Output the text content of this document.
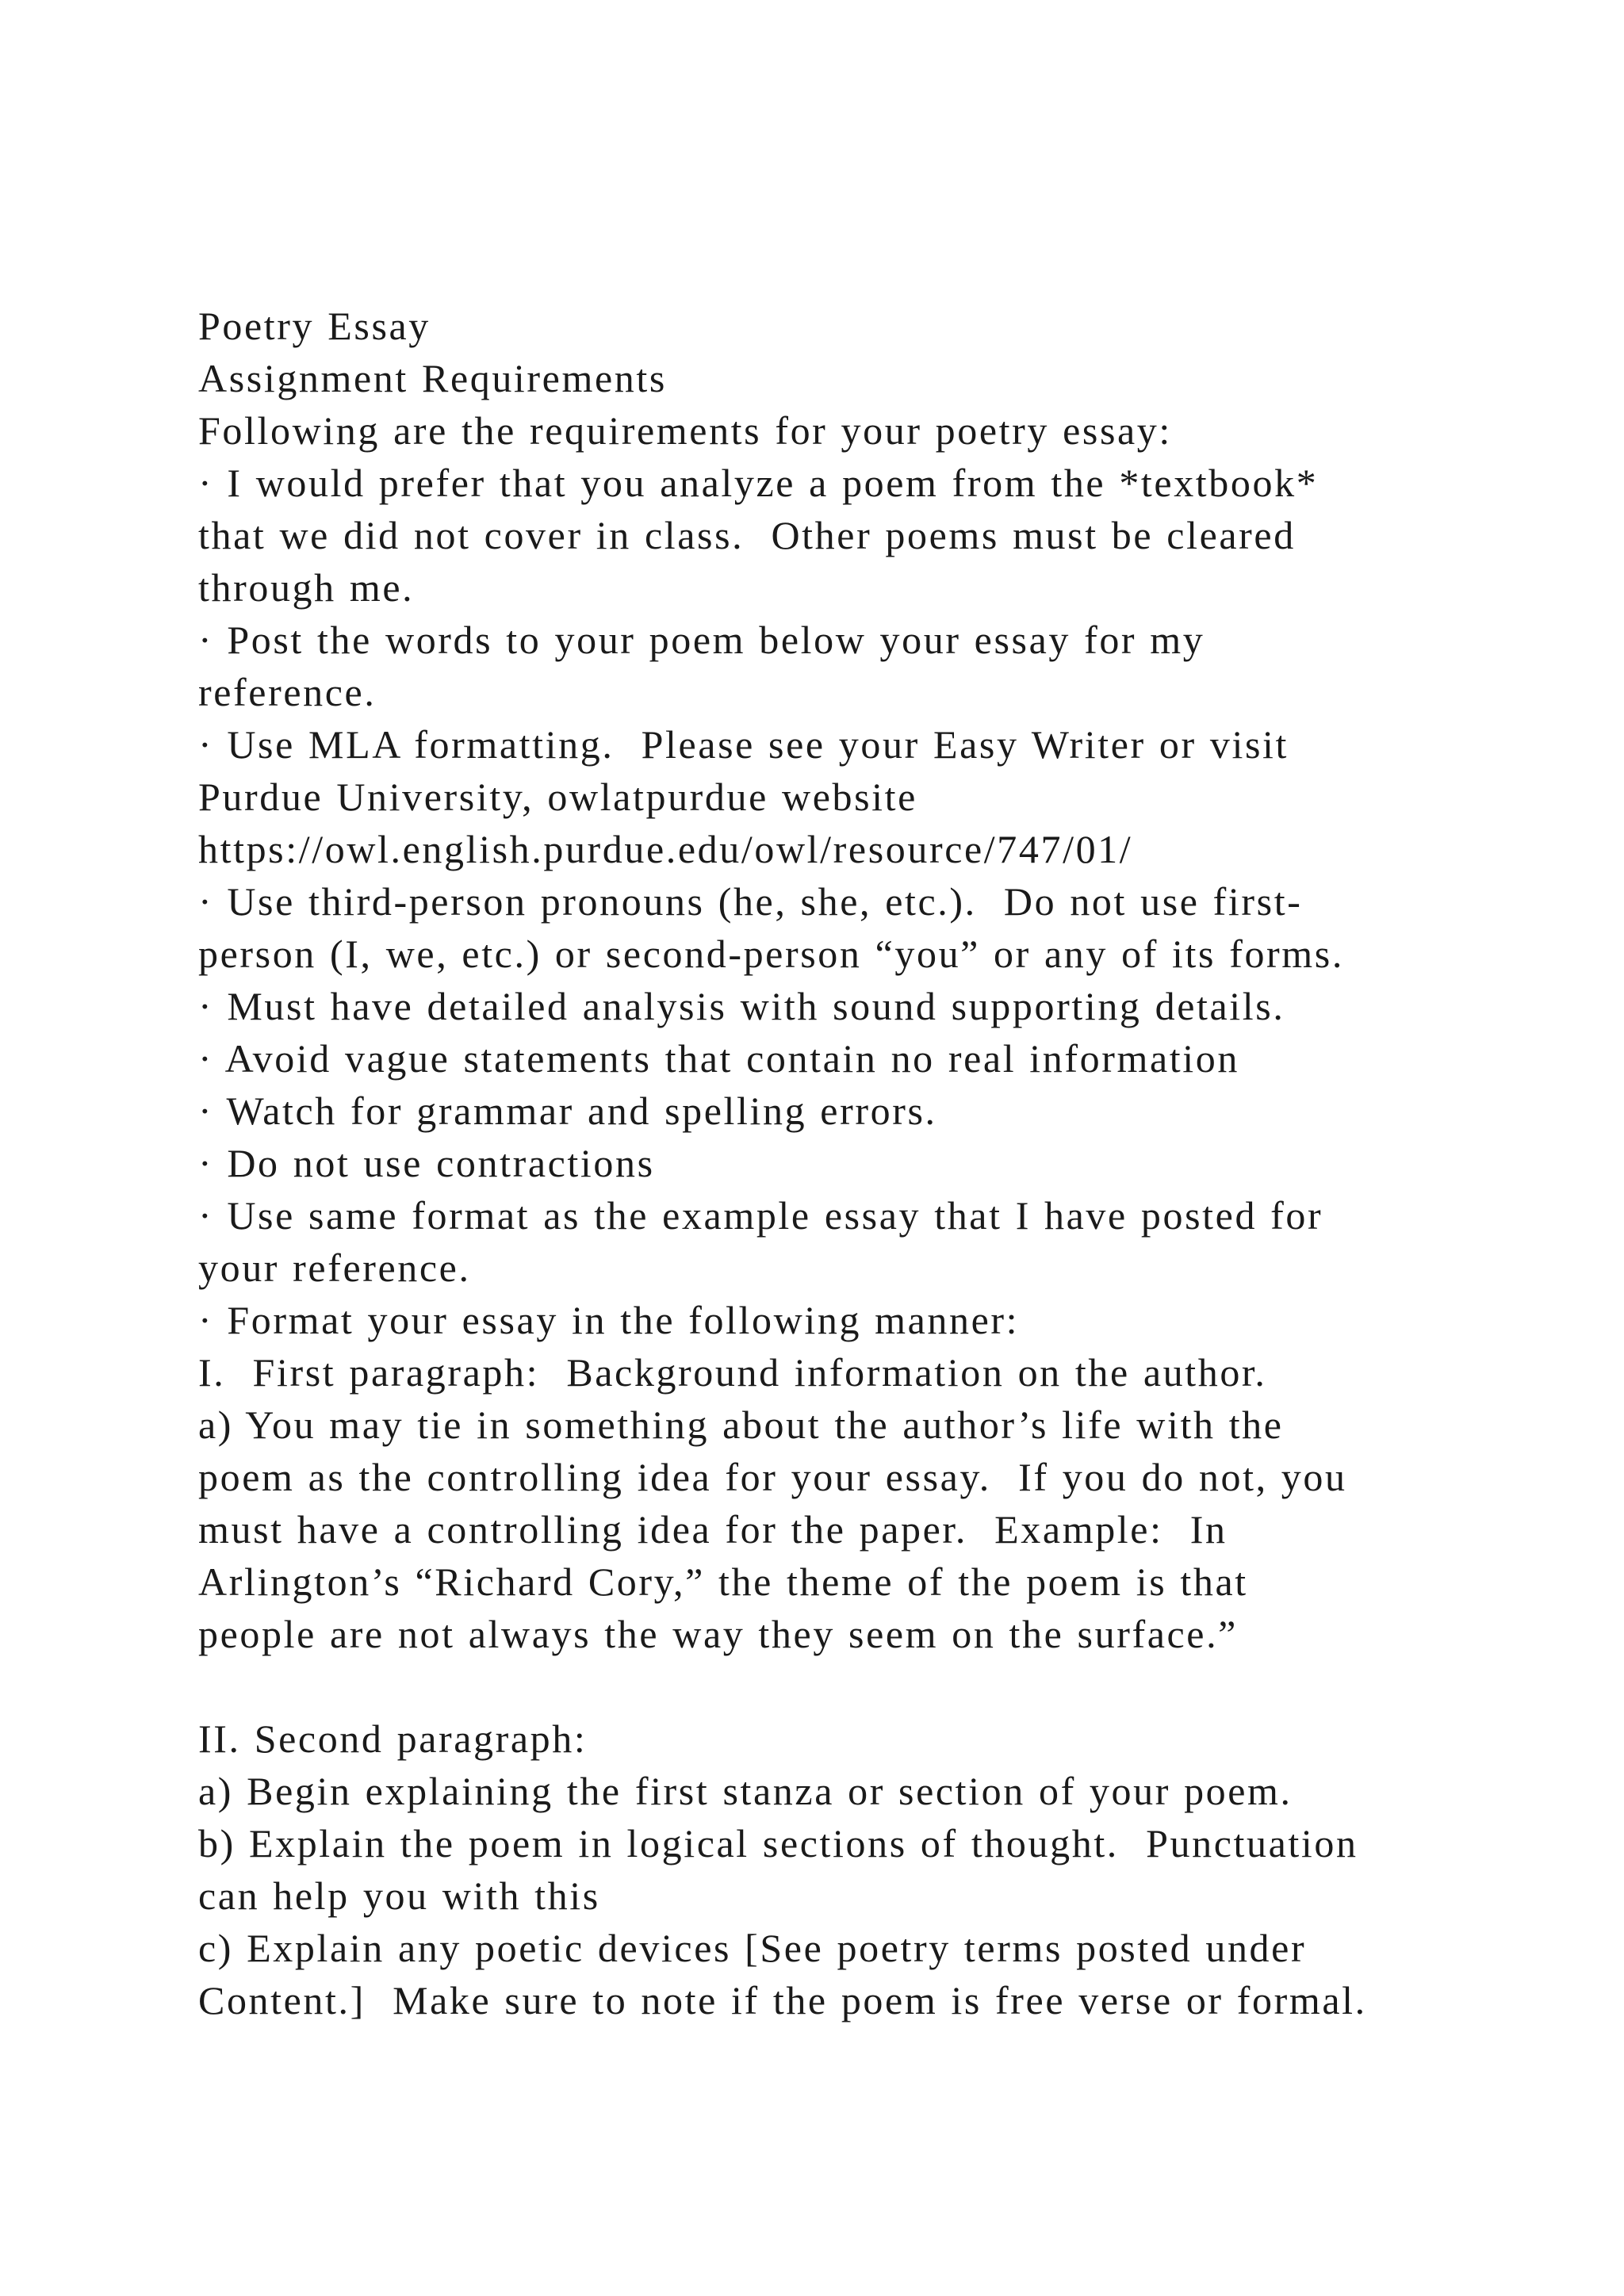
Poetry Essay
Assignment Requirements
Following are the requirements for your poetry essay:
· I would prefer that you analyze a poem from the *textbook*
that we did not cover in class.  Other poems must be cleared
through me.
· Post the words to your poem below your essay for my
reference.
· Use MLA formatting.  Please see your Easy Writer or visit
Purdue University, owlatpurdue website
https://owl.english.purdue.edu/owl/resource/747/01/
· Use third-person pronouns (he, she, etc.).  Do not use first-
person (I, we, etc.) or second-person “you” or any of its forms.
· Must have detailed analysis with sound supporting details.
· Avoid vague statements that contain no real information
· Watch for grammar and spelling errors.
· Do not use contractions
· Use same format as the example essay that I have posted for
your reference.
· Format your essay in the following manner:
I.  First paragraph:  Background information on the author.
a) You may tie in something about the author’s life with the
poem as the controlling idea for your essay.  If you do not, you
must have a controlling idea for the paper.  Example:  In
Arlington’s “Richard Cory,” the theme of the poem is that
people are not always the way they seem on the surface.”
II. Second paragraph:
a) Begin explaining the first stanza or section of your poem.
b) Explain the poem in logical sections of thought.  Punctuation
can help you with this
c) Explain any poetic devices [See poetry terms posted under
Content.]  Make sure to note if the poem is free verse or formal.
